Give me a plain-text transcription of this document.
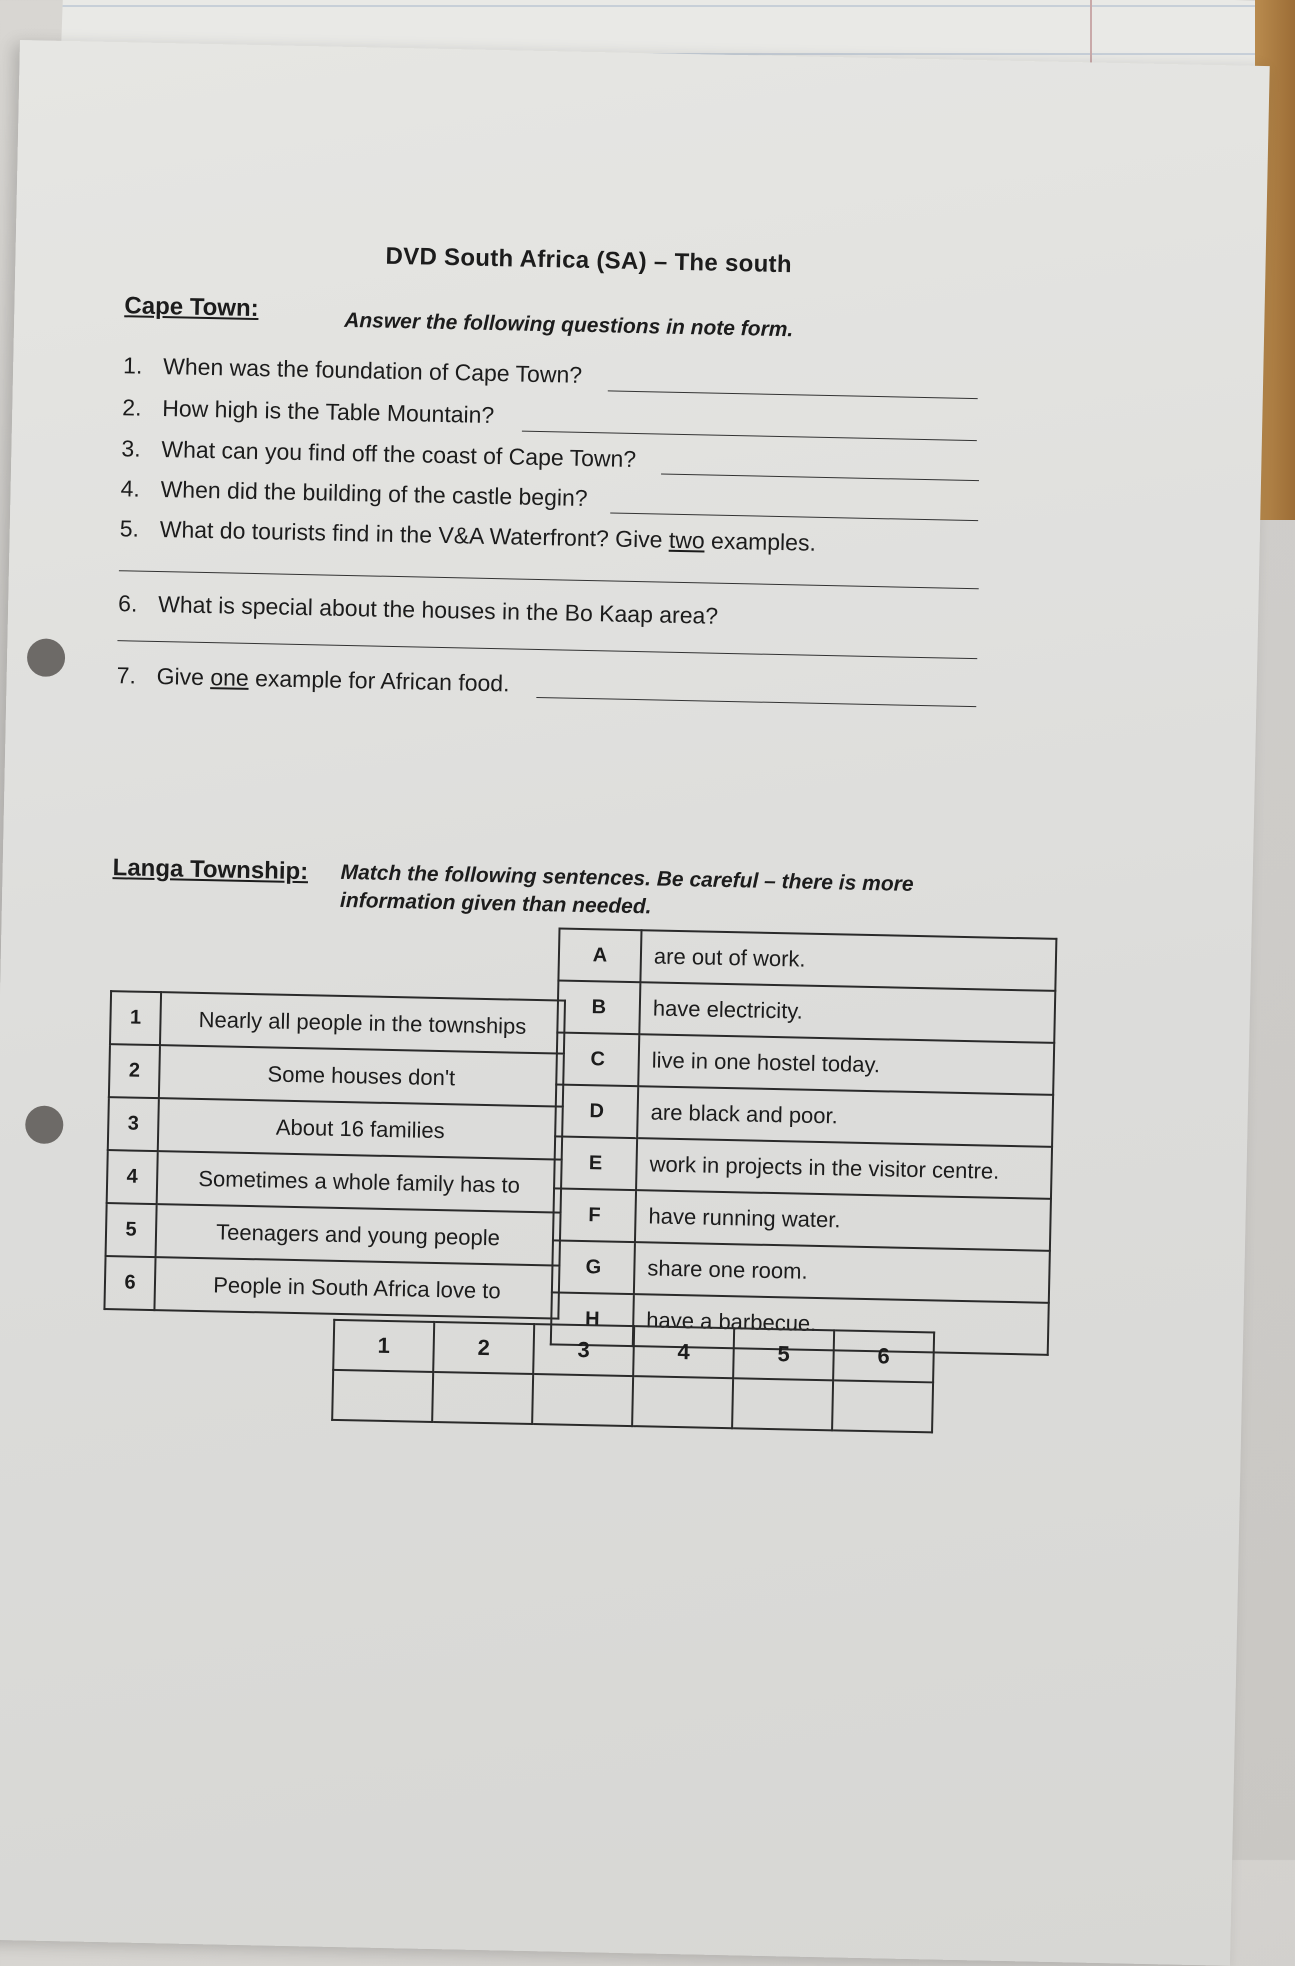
DVD South Africa (SA) – The south
Cape Town:
Answer the following questions in note form.
1. When was the foundation of Cape Town?
2. How high is the Table Mountain?
3. What can you find off the coast of Cape Town?
4. When did the building of the castle begin?
5. What do tourists find in the V&A Waterfront? Give two examples.
6. What is special about the houses in the Bo Kaap area?
7. Give one example for African food.
Langa Township: Match the following sentences. Be careful – there is more
information given than needed.
1	Nearly all people in the townships
2	Some houses don't
3	About 16 families
4	Sometimes a whole family has to
5	Teenagers and young people
6	People in South Africa love to
A	are out of work.
B	have electricity.
C	live in one hostel today.
D	are black and poor.
E	work in projects in the visitor centre.
F	have running water.
G	share one room.
H	have a barbecue.
1	2	3	4	5	6
